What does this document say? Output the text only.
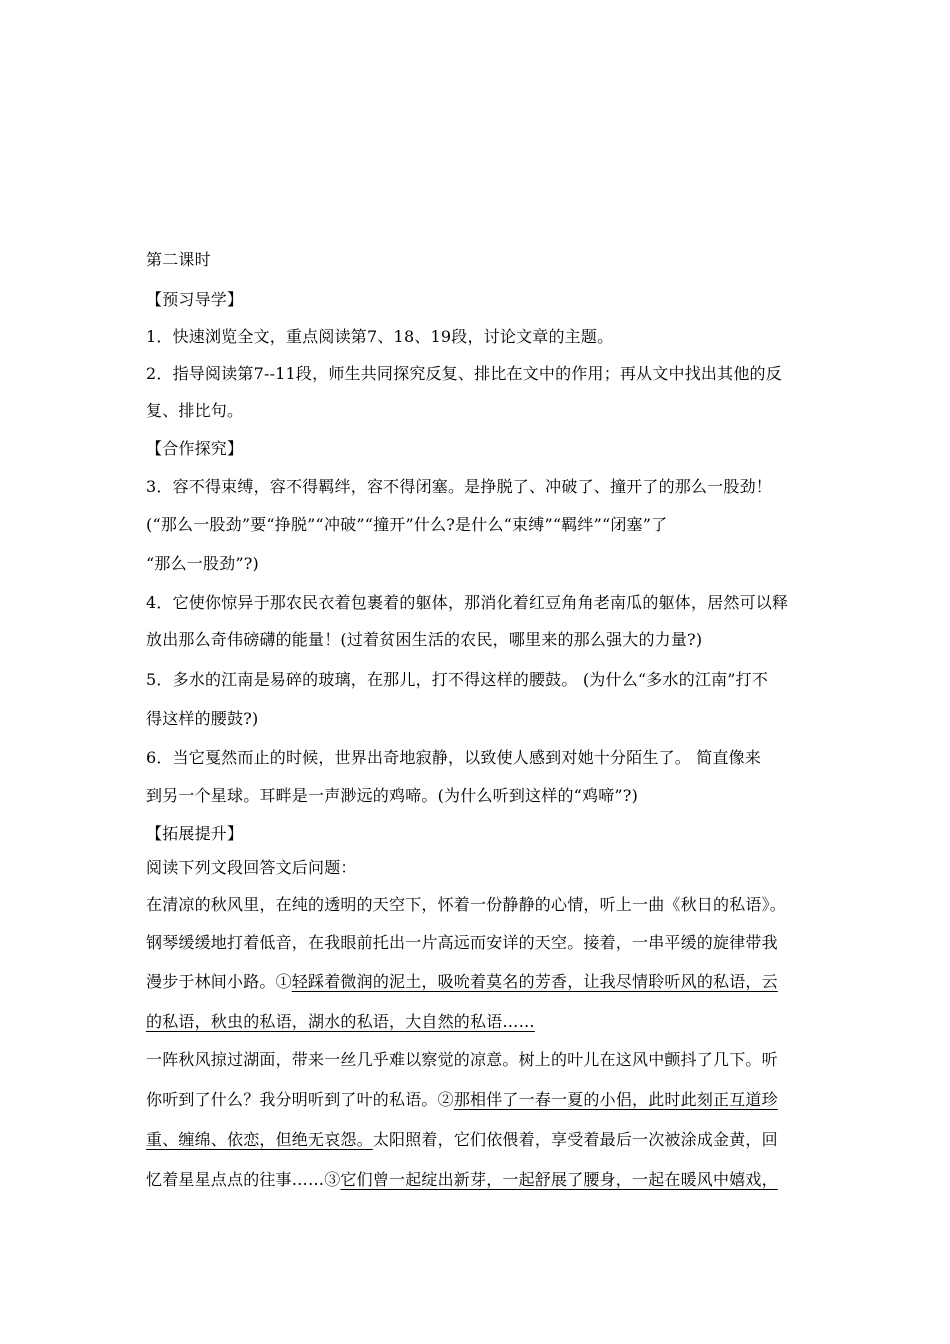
第二课时
【预习导学】
1．快速浏览全文，重点阅读第7、18、19段，讨论文章的主题。
2．指导阅读第7--11段，师生共同探究反复、排比在文中的作用；再从文中找出其他的反
复、排比句。
【合作探究】
3．容不得束缚，容不得羁绊，容不得闭塞。是挣脱了、冲破了、撞开了的那么一股劲！
(“那么一股劲”要“挣脱”“冲破”“撞开”什么?是什么“束缚”“羁绊”“闭塞”了
“那么一股劲”?)
4．它使你惊异于那农民衣着包裹着的躯体，那消化着红豆角角老南瓜的躯体，居然可以释
放出那么奇伟磅礴的能量！(过着贫困生活的农民，哪里来的那么强大的力量?)
5．多水的江南是易碎的玻璃，在那儿，打不得这样的腰鼓。 (为什么“多水的江南”打不
得这样的腰鼓?)
6．当它戛然而止的时候，世界出奇地寂静，以致使人感到对她十分陌生了。 简直像来
到另一个星球。耳畔是一声渺远的鸡啼。(为什么听到这样的“鸡啼”?)
【拓展提升】
阅读下列文段回答文后问题：
在清凉的秋风里，在纯的透明的天空下，怀着一份静静的心情，听上一曲《秋日的私语》。
钢琴缓缓地打着低音，在我眼前托出一片高远而安详的天空。接着，一串平缓的旋律带我
漫步于林间小路。①轻踩着微润的泥土，吸吮着莫名的芳香，让我尽情聆听风的私语，云
的私语，秋虫的私语，湖水的私语，大自然的私语……
一阵秋风掠过湖面，带来一丝几乎难以察觉的凉意。树上的叶儿在这风中颤抖了几下。听
你听到了什么？我分明听到了叶的私语。②那相伴了一春一夏的小侣，此时此刻正互道珍
重、缠绵、依恋，但绝无哀怨。太阳照着，它们依偎着，享受着最后一次被涂成金黄，回
忆着星星点点的往事……③它们曾一起绽出新芽，一起舒展了腰身，一起在暖风中嬉戏，
